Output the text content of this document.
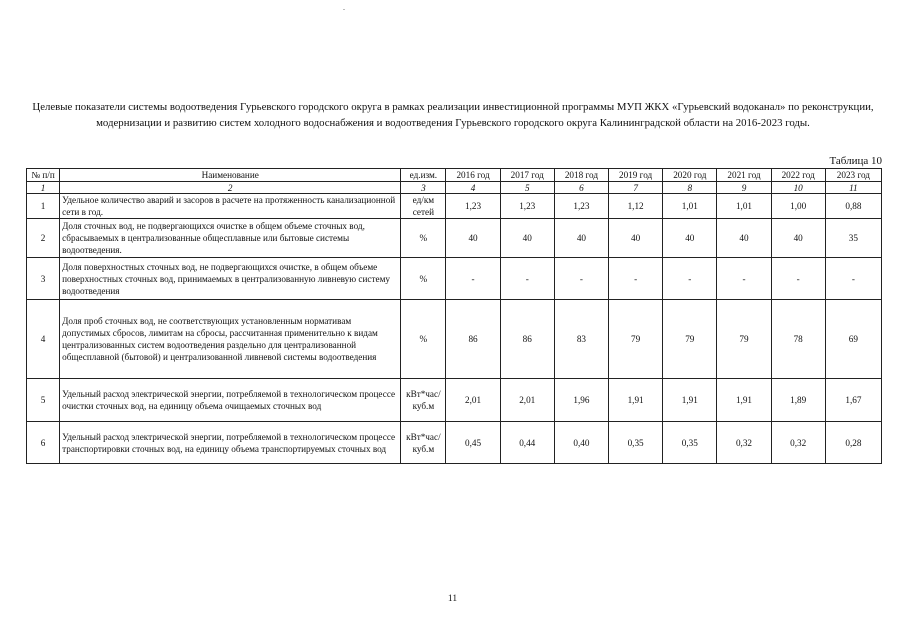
Целевые показатели системы водоотведения Гурьевского городского округа в рамках реализации инвестиционной программы МУП ЖКХ «Гурьевский водоканал» по реконструкции, модернизации и развитию систем холодного водоснабжения и водоотведения Гурьевского городского округа Калининградской области на 2016-2023 годы.
Таблица 10
№ п/п	Наименование	ед.изм.	2016 год	2017 год	2018 год	2019 год	2020 год	2021 год	2022 год	2023 год
1	2	3	4	5	6	7	8	9	10	11
1	Удельное количество аварий и засоров в расчете на протяженность канализационной сети в год.	ед/км сетей	1,23	1,23	1,23	1,12	1,01	1,01	1,00	0,88
2	Доля сточных вод, не подвергающихся очистке в общем объеме сточных вод, сбрасываемых в централизованные общесплавные или бытовые системы водоотведения.	%	40	40	40	40	40	40	40	35
3	Доля поверхностных сточных вод, не подвергающихся очистке, в общем объеме поверхностных сточных вод, принимаемых в централизованную ливневую систему водоотведения	%	-	-	-	-	-	-	-	-
4	Доля проб сточных вод, не соответствующих установленным нормативам допустимых сбросов, лимитам на сбросы, рассчитанная применительно к видам централизованных систем водоотведения раздельно для централизованной общесплавной (бытовой) и централизованной ливневой системы водоотведения	%	86	86	83	79	79	79	78	69
5	Удельный расход электрической энергии, потребляемой в технологическом процессе очистки сточных вод, на единицу объема очищаемых сточных вод	кВт*час/куб.м	2,01	2,01	1,96	1,91	1,91	1,91	1,89	1,67
6	Удельный расход электрической энергии, потребляемой в технологическом процессе транспортировки сточных вод, на единицу объема транспортируемых сточных вод	кВт*час/куб.м	0,45	0,44	0,40	0,35	0,35	0,32	0,32	0,28
11
